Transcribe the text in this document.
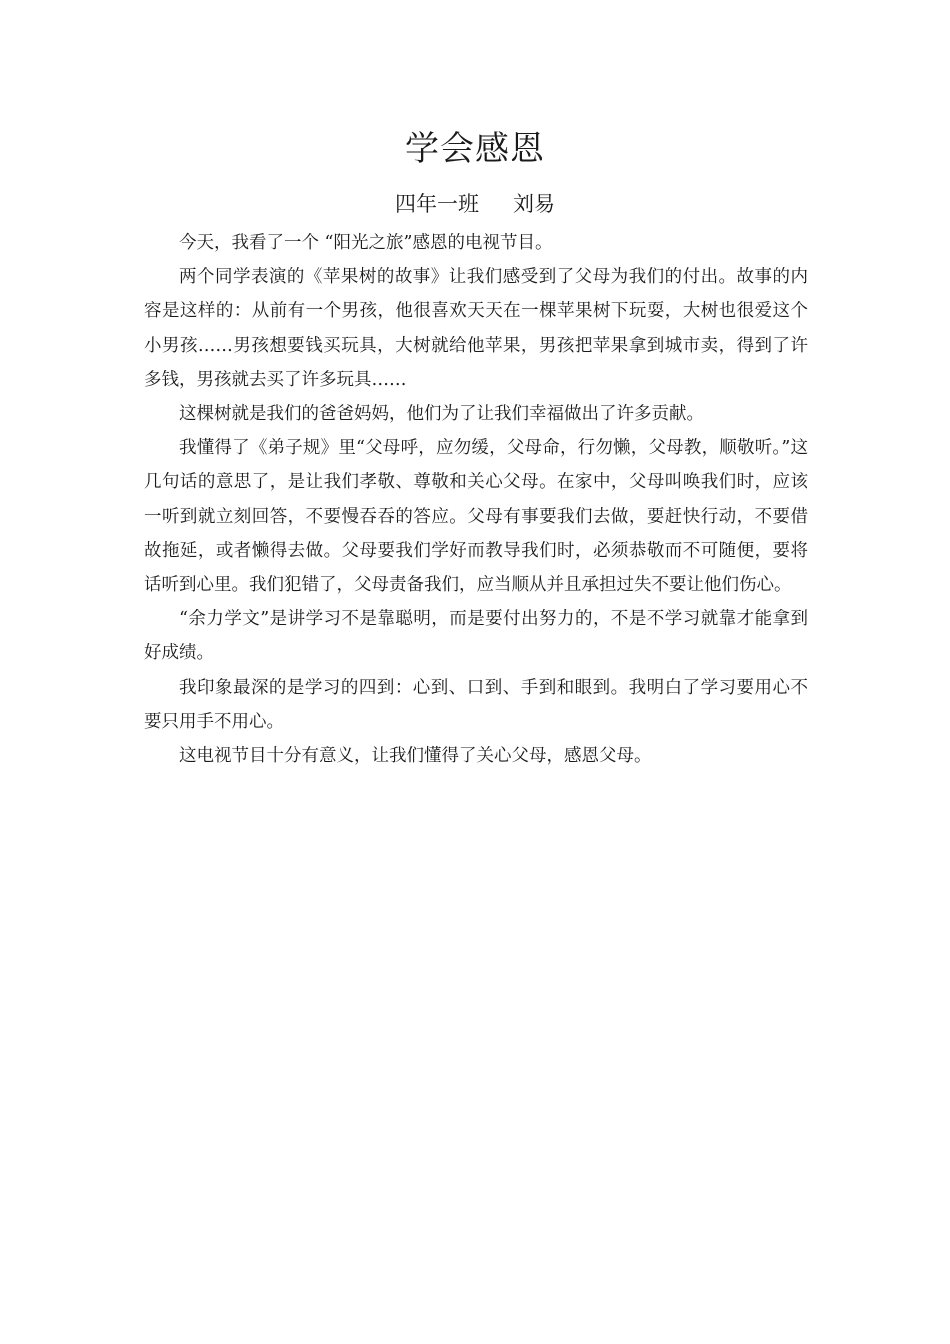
学会感恩
四年一班 刘易

今天，我看了一个 “阳光之旅”感恩的电视节目。

两个同学表演的《苹果树的故事》让我们感受到了父母为我们的付出。故事的内容是这样的：从前有一个男孩，他很喜欢天天在一棵苹果树下玩耍，大树也很爱这个小男孩……男孩想要钱买玩具，大树就给他苹果，男孩把苹果拿到城市卖，得到了许多钱，男孩就去买了许多玩具……

这棵树就是我们的爸爸妈妈，他们为了让我们幸福做出了许多贡献。

我懂得了《弟子规》里“父母呼，应勿缓，父母命，行勿懒，父母教，顺敬听。”这几句话的意思了，是让我们孝敬、尊敬和关心父母。在家中，父母叫唤我们时，应该一听到就立刻回答，不要慢吞吞的答应。父母有事要我们去做，要赶快行动，不要借故拖延，或者懒得去做。父母要我们学好而教导我们时，必须恭敬而不可随便，要将话听到心里。我们犯错了，父母责备我们，应当顺从并且承担过失不要让他们伤心。

“余力学文”是讲学习不是靠聪明，而是要付出努力的，不是不学习就靠才能拿到好成绩。

我印象最深的是学习的四到：心到、口到、手到和眼到。我明白了学习要用心不要只用手不用心。

这电视节目十分有意义，让我们懂得了关心父母，感恩父母。
